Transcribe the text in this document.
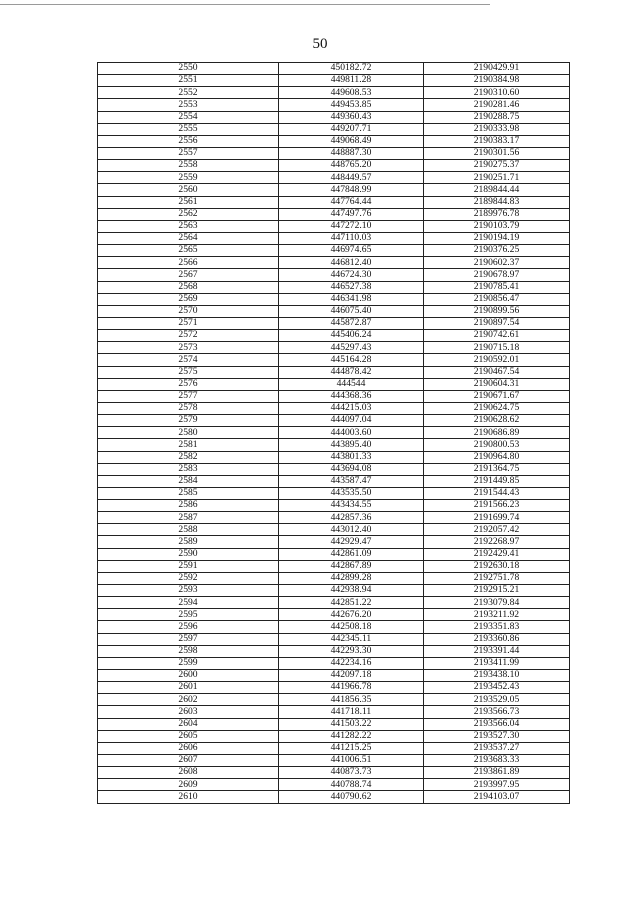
50
2550	450182.72	2190429.91
2551	449811.28	2190384.98
2552	449608.53	2190310.60
2553	449453.85	2190281.46
2554	449360.43	2190288.75
2555	449207.71	2190333.98
2556	449068.49	2190383.17
2557	448887.30	2190301.56
2558	448765.20	2190275.37
2559	448449.57	2190251.71
2560	447848.99	2189844.44
2561	447764.44	2189844.83
2562	447497.76	2189976.78
2563	447272.10	2190103.79
2564	447110.03	2190194.19
2565	446974.65	2190376.25
2566	446812.40	2190602.37
2567	446724.30	2190678.97
2568	446527.38	2190785.41
2569	446341.98	2190856.47
2570	446075.40	2190899.56
2571	445872.87	2190897.54
2572	445406.24	2190742.61
2573	445297.43	2190715.18
2574	445164.28	2190592.01
2575	444878.42	2190467.54
2576	444544	2190604.31
2577	444368.36	2190671.67
2578	444215.03	2190624.75
2579	444097.04	2190628.62
2580	444003.60	2190686.89
2581	443895.40	2190800.53
2582	443801.33	2190964.80
2583	443694.08	2191364.75
2584	443587.47	2191449.85
2585	443535.50	2191544.43
2586	443434.55	2191566.23
2587	442857.36	2191699.74
2588	443012.40	2192057.42
2589	442929.47	2192268.97
2590	442861.09	2192429.41
2591	442867.89	2192630.18
2592	442899.28	2192751.78
2593	442938.94	2192915.21
2594	442851.22	2193079.84
2595	442676.20	2193211.92
2596	442508.18	2193351.83
2597	442345.11	2193360.86
2598	442293.30	2193391.44
2599	442234.16	2193411.99
2600	442097.18	2193438.10
2601	441966.78	2193452.43
2602	441856.35	2193529.05
2603	441718.11	2193566.73
2604	441503.22	2193566.04
2605	441282.22	2193527.30
2606	441215.25	2193537.27
2607	441006.51	2193683.33
2608	440873.73	2193861.89
2609	440788.74	2193997.95
2610	440790.62	2194103.07
